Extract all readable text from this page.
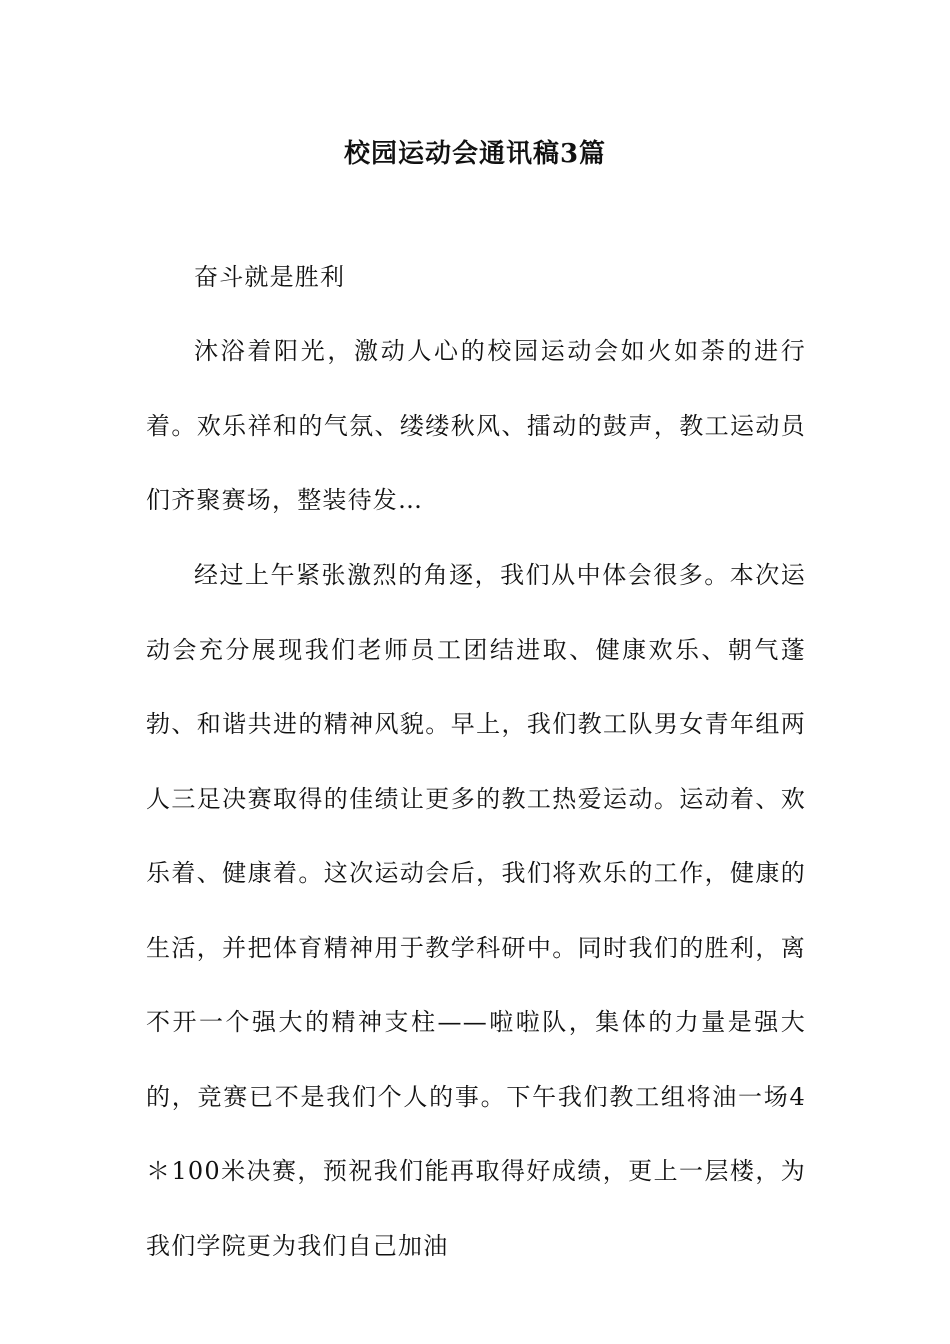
校园运动会通讯稿3篇

奋斗就是胜利

沐浴着阳光，激动人心的校园运动会如火如荼的进行着。欢乐祥和的气氛、缕缕秋风、擂动的鼓声，教工运动员们齐聚赛场，整装待发…

经过上午紧张激烈的角逐，我们从中体会很多。本次运动会充分展现我们老师员工团结进取、健康欢乐、朝气蓬勃、和谐共进的精神风貌。早上，我们教工队男女青年组两人三足决赛取得的佳绩让更多的教工热爱运动。运动着、欢乐着、健康着。这次运动会后，我们将欢乐的工作，健康的生活，并把体育精神用于教学科研中。同时我们的胜利，离不开一个强大的精神支柱——啦啦队，集体的力量是强大的，竞赛已不是我们个人的事。下午我们教工组将油一场4＊100米决赛，预祝我们能再取得好成绩，更上一层楼，为我们学院更为我们自己加油
